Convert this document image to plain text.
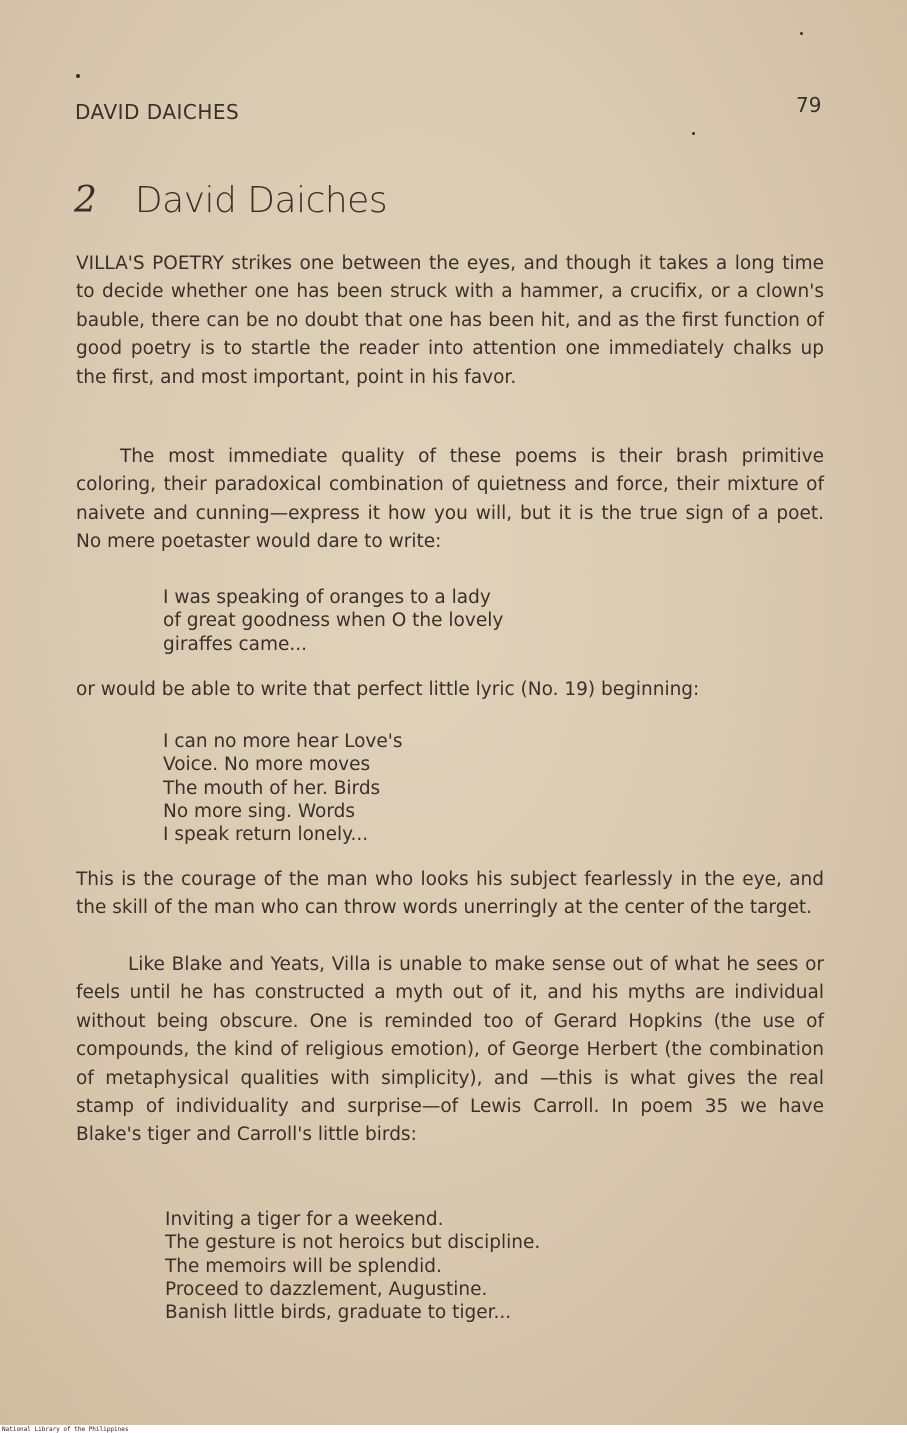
DAVID DAICHES	79
2 David Daiches

VILLA'S POETRY strikes one between the eyes, and though it takes a long time to decide whether one has been struck with a hammer, a crucifix, or a clown's bauble, there can be no doubt that one has been hit, and as the first function of good poetry is to startle the reader into attention one immediately chalks up the first, and most important, point in his favor.

The most immediate quality of these poems is their brash primitive coloring, their paradoxical combination of quietness and force, their mixture of naivete and cunning—express it how you will, but it is the true sign of a poet. No mere poetaster would dare to write:

I was speaking of oranges to a lady
of great goodness when O the lovely
giraffes came...

or would be able to write that perfect little lyric (No. 19) beginning:

I can no more hear Love's
Voice. No more moves
The mouth of her. Birds
No more sing. Words
I speak return lonely...

This is the courage of the man who looks his subject fearlessly in the eye, and the skill of the man who can throw words unerringly at the center of the target.

Like Blake and Yeats, Villa is unable to make sense out of what he sees or feels until he has constructed a myth out of it, and his myths are individual without being obscure. One is reminded too of Gerard Hopkins (the use of compounds, the kind of religious emotion), of George Herbert (the combination of metaphysical qualities with simplicity), and —this is what gives the real stamp of individuality and surprise—of Lewis Carroll. In poem 35 we have Blake's tiger and Carroll's little birds:

Inviting a tiger for a weekend.
The gesture is not heroics but discipline.
The memoirs will be splendid.
Proceed to dazzlement, Augustine.
Banish little birds, graduate to tiger...
National Library of the Philippines
